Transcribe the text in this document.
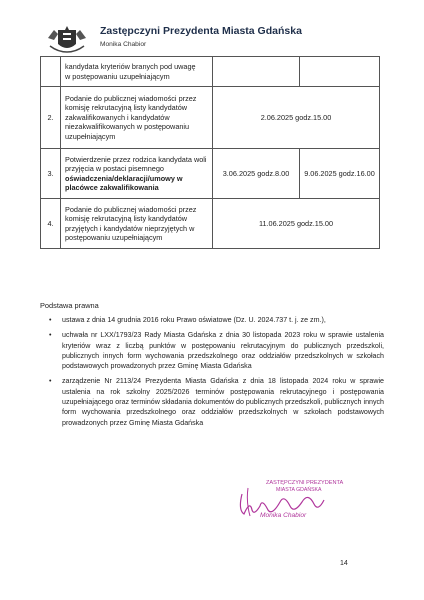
Zastępczyni Prezydenta Miasta Gdańska
Monika Chabior

	kandydata kryteriów branych pod uwagę
w postępowaniu uzupełniającym		

2.	Podanie do publicznej wiadomości przez
komisję rekrutacyjną listy kandydatów
zakwalifikowanych i kandydatów
niezakwalifikowanych w postępowaniu
uzupełniającym	2.06.2025 godz.15.00	
3.	Potwierdzenie przez rodzica kandydata woli
przyjęcia w postaci pisemnego
oświadczenia/deklaracji/umowy w
placówce zakwalifikowania	3.06.2025 godz.8.00	9.06.2025 godz.16.00
4.	Podanie do publicznej wiadomości przez
komisję rekrutacyjną listy kandydatów
przyjętych i kandydatów nieprzyjętych w
postępowaniu uzupełniającym	11.06.2025 godz.15.00	
Podstawa prawna
• ustawa z dnia 14 grudnia 2016 roku Prawo oświatowe (Dz. U. 2024.737 t. j. ze zm.),
• uchwała nr LXX/1793/23 Rady Miasta Gdańska z dnia 30 listopada 2023 roku w sprawie ustalenia kryteriów wraz z liczbą punktów w postępowaniu rekrutacyjnym do publicznych przedszkoli, publicznych innych form wychowania przedszkolnego oraz oddziałów przedszkolnych w szkołach podstawowych prowadzonych przez Gminę Miasta Gdańska
• zarządzenie Nr 2113/24 Prezydenta Miasta Gdańska z dnia 18 listopada 2024 roku w sprawie ustalenia na rok szkolny 2025/2026 terminów postępowania rekrutacyjnego i postępowania uzupełniającego oraz terminów składania dokumentów do publicznych przedszkoli, publicznych innych form wychowania przedszkolnego oraz oddziałów przedszkolnych w szkołach podstawowych prowadzonych przez Gminę Miasta Gdańska
ZASTĘPCZYNI PREZYDENTA
MIASTA GDAŃSKA
Monika Chabior
14
